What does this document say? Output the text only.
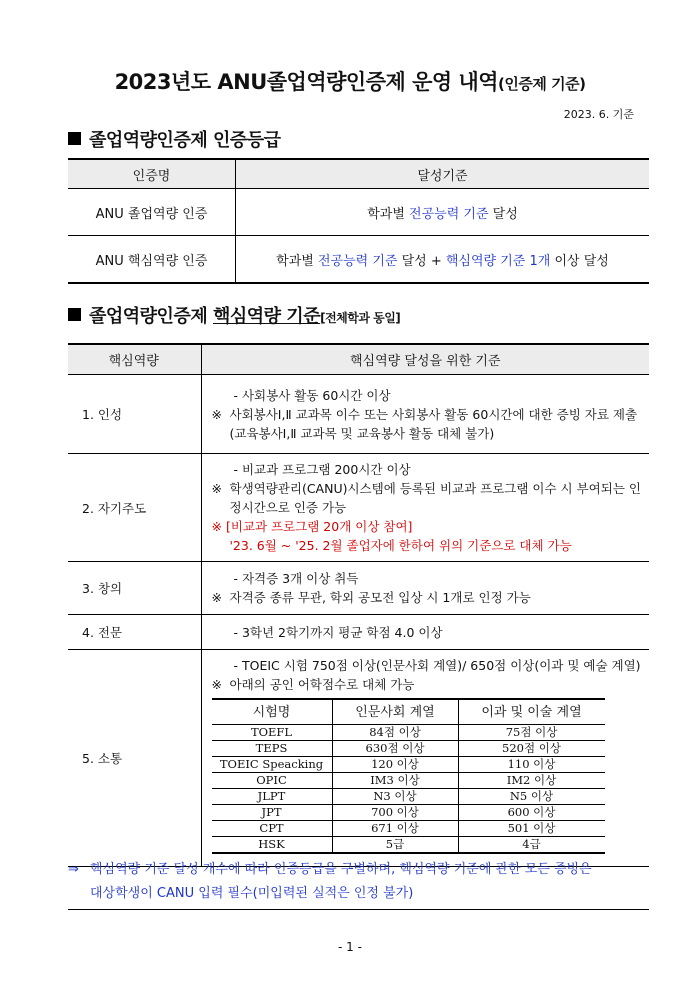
2023년도 ANU졸업역량인증제 운영 내역(인증제 기준)
2023. 6. 기준
졸업역량인증제 인증등급
인증명	달성기준
ANU 졸업역량 인증	학과별 전공능력 기준 달성
ANU 핵심역량 인증	학과별 전공능력 기준 달성 + 핵심역량 기준 1개 이상 달성
졸업역량인증제 핵심역량 기준[전체학과 동일]
핵심역량	핵심역량 달성을 위한 기준
1. 인성	
- 사회봉사 활동 60시간 이상
※ 사회봉사Ⅰ,Ⅱ 교과목 이수 또는 사회봉사 활동 60시간에 대한 증빙 자료 제출(교육봉사Ⅰ,Ⅱ 교과목 및 교육봉사 활동 대체 불가)

2. 자기주도	
- 비교과 프로그램 200시간 이상
※ 학생역량관리(CANU)시스템에 등록된 비교과 프로그램 이수 시 부여되는 인정시간으로 인증 가능
※ [비교과 프로그램 20개 이상 참여]
'23. 6월 ~ '25. 2월 졸업자에 한하여 위의 기준으로 대체 가능

3. 창의	
- 자격증 3개 이상 취득
※ 자격증 종류 무관, 학외 공모전 입상 시 1개로 인정 가능

4. 전문	- 3학년 2학기까지 평균 학점 4.0 이상

5. 소통	
- TOEIC 시험 750점 이상(인문사회 계열)/ 650점 이상(이과 및 예술 계열)
※ 아래의 공인 어학점수로 대체 가능
시험명	인문사회 계열	이과 및 이술 계열
TOEFL	84점 이상	75점 이상
TEPS	630점 이상	520점 이상
TOEIC Speacking	120 이상	110 이상
OPIC	IM3 이상	IM2 이상
JLPT	N3 이상	N5 이상
JPT	700 이상	600 이상
CPT	671 이상	501 이상
HSK	5급	4급
⇒ 핵심역량 기준 달성 개수에 따라 인증등급을 구별하며, 핵심역량 기준에 관한 모든 증빙은
대상학생이 CANU 입력 필수(미입력된 실적은 인정 불가)
- 1 -
